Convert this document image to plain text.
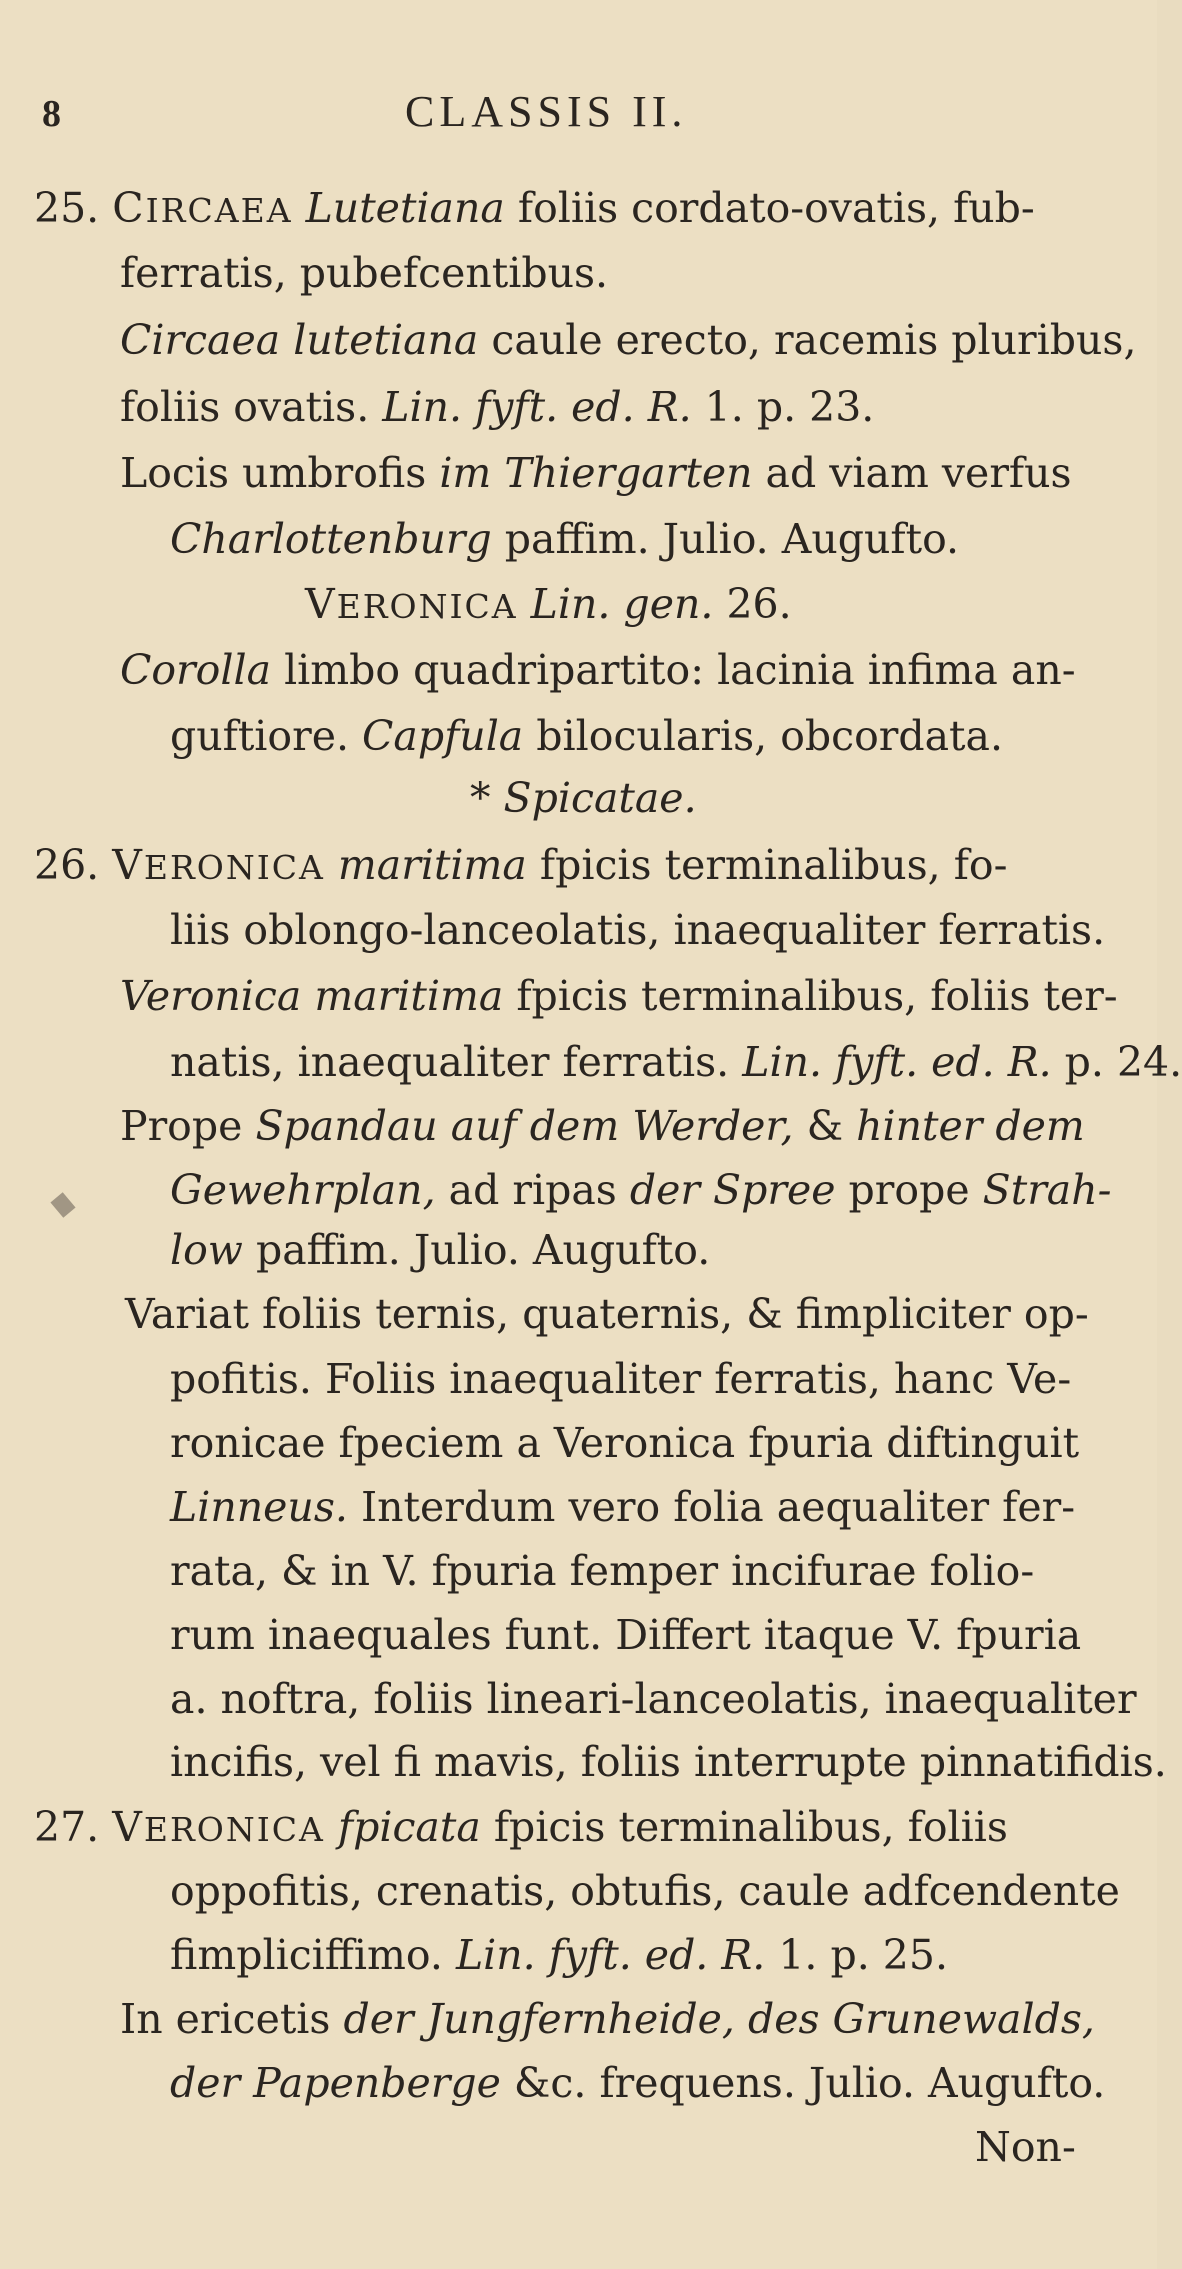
8	CLASSIS II.
25. CIRCAEA Lutetiana foliis cordato-ovatis, fub-
ferratis, pubefcentibus.
Circaea lutetiana caule erecto, racemis pluribus,
foliis ovatis. Lin. fyft. ed. R. 1. p. 23.
Locis umbrofis im Thiergarten ad viam verfus
Charlottenburg paffim. Julio. Augufto.
VERONICA Lin. gen. 26.
Corolla limbo quadripartito: lacinia infima an-
guftiore. Capfula bilocularis, obcordata.
* Spicatae.
26. VERONICA maritima fpicis terminalibus, fo-
liis oblongo-lanceolatis, inaequaliter ferratis.
Veronica maritima fpicis terminalibus, foliis ter-
natis, inaequaliter ferratis. Lin. fyft. ed. R. p. 24.
Prope Spandau auf dem Werder, & hinter dem
Gewehrplan, ad ripas der Spree prope Strah-
low paffim. Julio. Augufto.
Variat foliis ternis, quaternis, & fimpliciter op-
pofitis. Foliis inaequaliter ferratis, hanc Ve-
ronicae fpeciem a Veronica fpuria diftinguit
Linneus. Interdum vero folia aequaliter fer-
rata, & in V. fpuria femper incifurae folio-
rum inaequales funt. Differt itaque V. fpuria
a. noftra, foliis lineari-lanceolatis, inaequaliter
incifis, vel fi mavis, foliis interrupte pinnatifidis.
27. VERONICA fpicata fpicis terminalibus, foliis
oppofitis, crenatis, obtufis, caule adfcendente
fimpliciffimo. Lin. fyft. ed. R. 1. p. 25.
In ericetis der Jungfernheide, des Grunewalds,
der Papenberge &c. frequens. Julio. Augufto.
Non-
